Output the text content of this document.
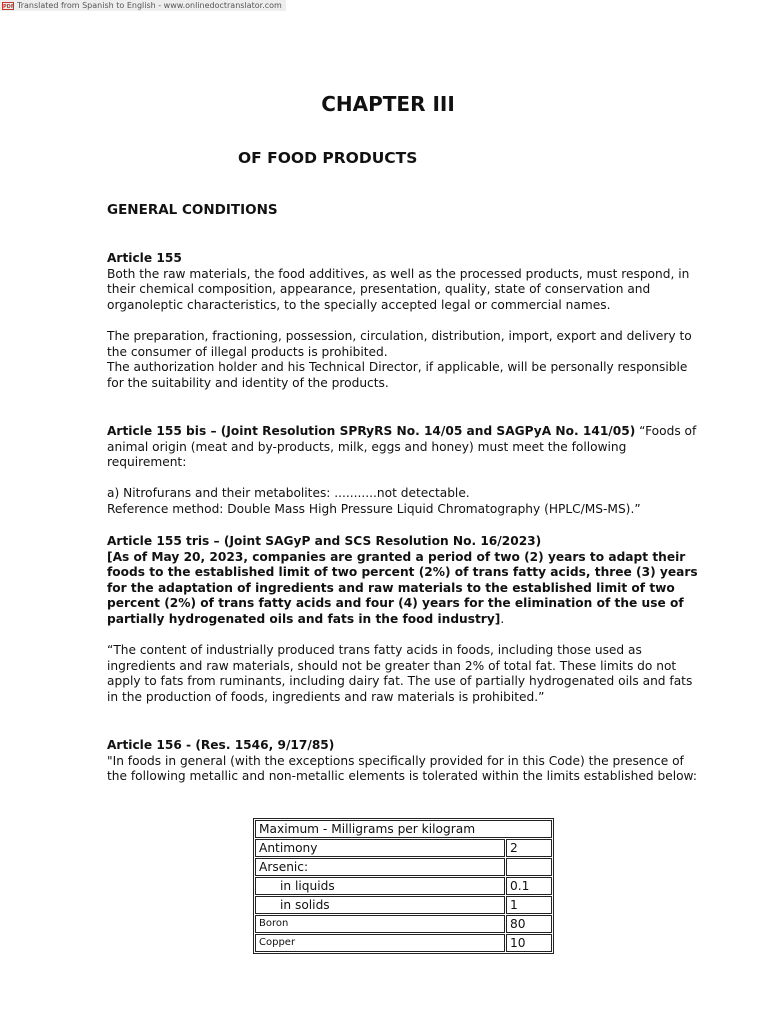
PDF Translated from Spanish to English - www.onlinedoctranslator.com
CHAPTER III
OF FOOD PRODUCTS
GENERAL CONDITIONS
Article 155
Both the raw materials, the food additives, as well as the processed products, must respond, in their chemical composition, appearance, presentation, quality, state of conservation and organoleptic characteristics, to the specially accepted legal or commercial names.
The preparation, fractioning, possession, circulation, distribution, import, export and delivery to the consumer of illegal products is prohibited.
The authorization holder and his Technical Director, if applicable, will be personally responsible for the suitability and identity of the products.
Article 155 bis – (Joint Resolution SPRyRS No. 14/05 and SAGPyA No. 141/05) “Foods of animal origin (meat and by-products, milk, eggs and honey) must meet the following requirement:
a) Nitrofurans and their metabolites: ...........not detectable.
Reference method: Double Mass High Pressure Liquid Chromatography (HPLC/MS-MS).”
Article 155 tris – (Joint SAGyP and SCS Resolution No. 16/2023)
[As of May 20, 2023, companies are granted a period of two (2) years to adapt their foods to the established limit of two percent (2%) of trans fatty acids, three (3) years for the adaptation of ingredients and raw materials to the established limit of two percent (2%) of trans fatty acids and four (4) years for the elimination of the use of partially hydrogenated oils and fats in the food industry].
“The content of industrially produced trans fatty acids in foods, including those used as ingredients and raw materials, should not be greater than 2% of total fat. These limits do not apply to fats from ruminants, including dairy fat. The use of partially hydrogenated oils and fats in the production of foods, ingredients and raw materials is prohibited.”
Article 156 - (Res. 1546, 9/17/85)
"In foods in general (with the exceptions specifically provided for in this Code) the presence of the following metallic and non-metallic elements is tolerated within the limits established below:
Maximum - Milligrams per kilogram	
Antimony	2
Arsenic:	
in liquids	0.1
in solids	1
Boron	80
Copper	10
